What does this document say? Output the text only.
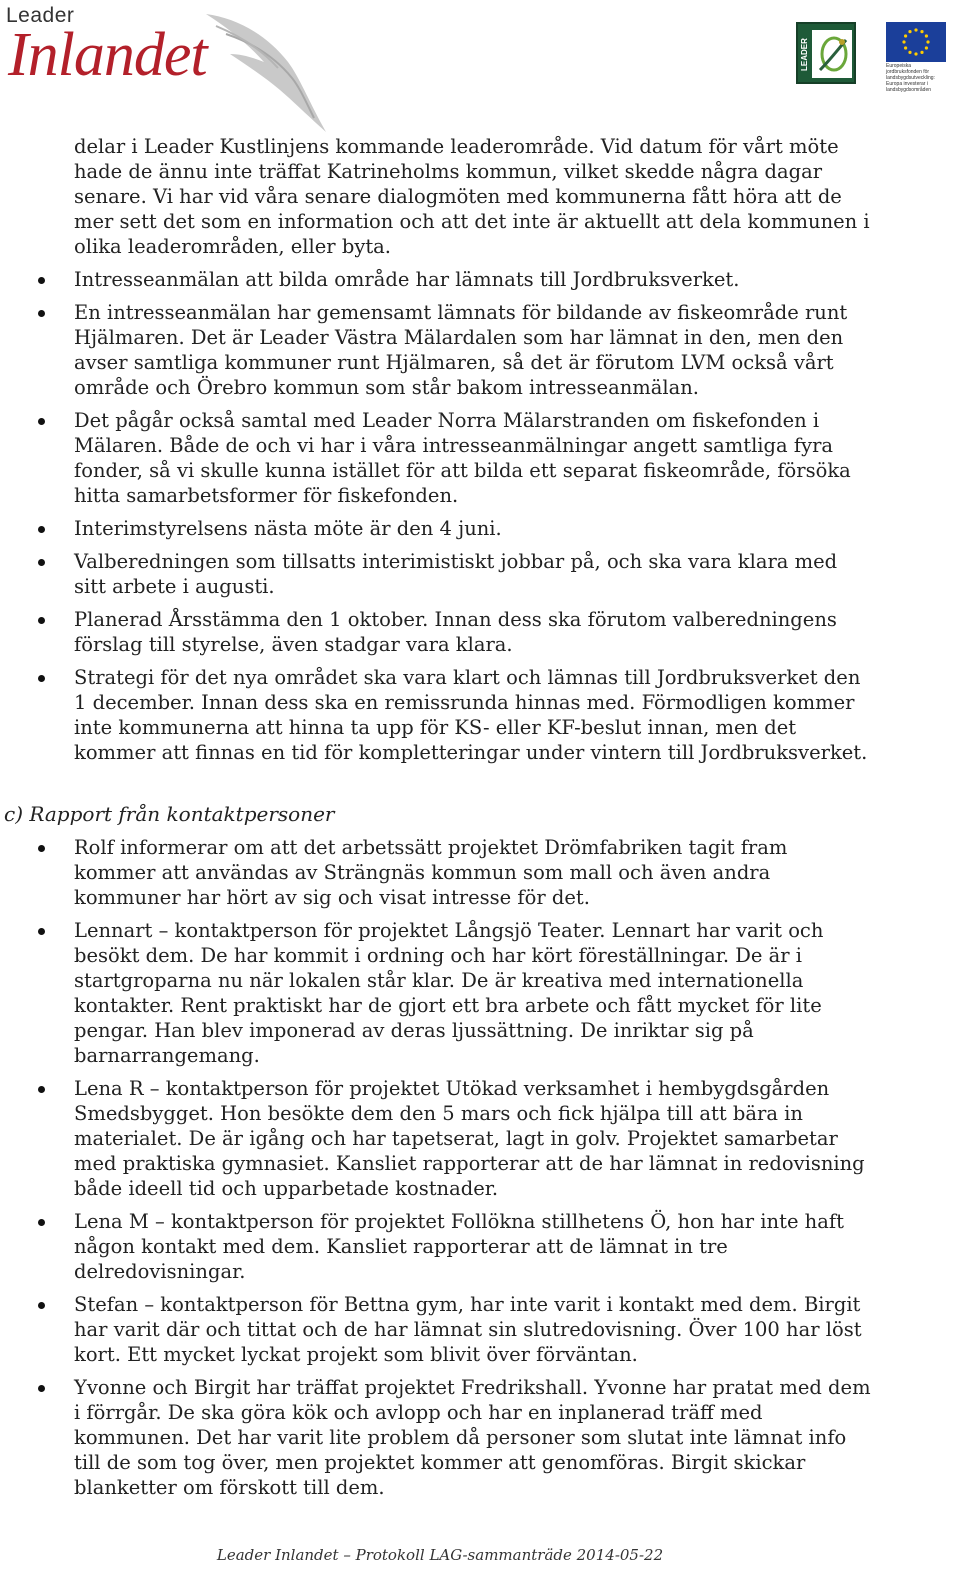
Leader
Inlandet	LEADER	Europeiska jordbruksfonden för landsbygdsutveckling: Europa investerar i landsbygdsområden

delar i Leader Kustlinjens kommande leaderområde. Vid datum för vårt möte hade de ännu inte träffat Katrineholms kommun, vilket skedde några dagar senare. Vi har vid våra senare dialogmöten med kommunerna fått höra att de mer sett det som en information och att det inte är aktuellt att dela kommunen i olika leaderområden, eller byta.

Intresseanmälan att bilda område har lämnats till Jordbruksverket.
En intresseanmälan har gemensamt lämnats för bildande av fiskeområde runt Hjälmaren. Det är Leader Västra Mälardalen som har lämnat in den, men den avser samtliga kommuner runt Hjälmaren, så det är förutom LVM också vårt område och Örebro kommun som står bakom intresseanmälan.
Det pågår också samtal med Leader Norra Mälarstranden om fiskefonden i Mälaren. Både de och vi har i våra intresseanmälningar angett samtliga fyra fonder, så vi skulle kunna istället för att bilda ett separat fiskeområde, försöka hitta samarbetsformer för fiskefonden.
Interimstyrelsens nästa möte är den 4 juni.
Valberedningen som tillsatts interimistiskt jobbar på, och ska vara klara med sitt arbete i augusti.
Planerad Årsstämma den 1 oktober. Innan dess ska förutom valberedningens förslag till styrelse, även stadgar vara klara.
Strategi för det nya området ska vara klart och lämnas till Jordbruksverket den 1 december. Innan dess ska en remissrunda hinnas med. Förmodligen kommer inte kommunerna att hinna ta upp för KS- eller KF-beslut innan, men det kommer att finnas en tid för kompletteringar under vintern till Jordbruksverket.
c) Rapport från kontaktpersoner
Rolf informerar om att det arbetssätt projektet Drömfabriken tagit fram kommer att användas av Strängnäs kommun som mall och även andra kommuner har hört av sig och visat intresse för det.
Lennart – kontaktperson för projektet Långsjö Teater. Lennart har varit och besökt dem. De har kommit i ordning och har kört föreställningar. De är i startgroparna nu när lokalen står klar. De är kreativa med internationella kontakter. Rent praktiskt har de gjort ett bra arbete och fått mycket för lite pengar. Han blev imponerad av deras ljussättning. De inriktar sig på barnarrangemang.
Lena R – kontaktperson för projektet Utökad verksamhet i hembygdsgården Smedsbygget. Hon besökte dem den 5 mars och fick hjälpa till att bära in materialet. De är igång och har tapetserat, lagt in golv. Projektet samarbetar med praktiska gymnasiet. Kansliet rapporterar att de har lämnat in redovisning både ideell tid och upparbetade kostnader.
Lena M – kontaktperson för projektet Follökna stillhetens Ö, hon har inte haft någon kontakt med dem. Kansliet rapporterar att de lämnat in tre delredovisningar.
Stefan – kontaktperson för Bettna gym, har inte varit i kontakt med dem. Birgit har varit där och tittat och de har lämnat sin slutredovisning. Över 100 har löst kort. Ett mycket lyckat projekt som blivit över förväntan.
Yvonne och Birgit har träffat projektet Fredrikshall. Yvonne har pratat med dem i förrgår. De ska göra kök och avlopp och har en inplanerad träff med kommunen. Det har varit lite problem då personer som slutat inte lämnat info till de som tog över, men projektet kommer att genomföras. Birgit skickar blanketter om förskott till dem.
Leader Inlandet – Protokoll LAG-sammanträde 2014-05-22
